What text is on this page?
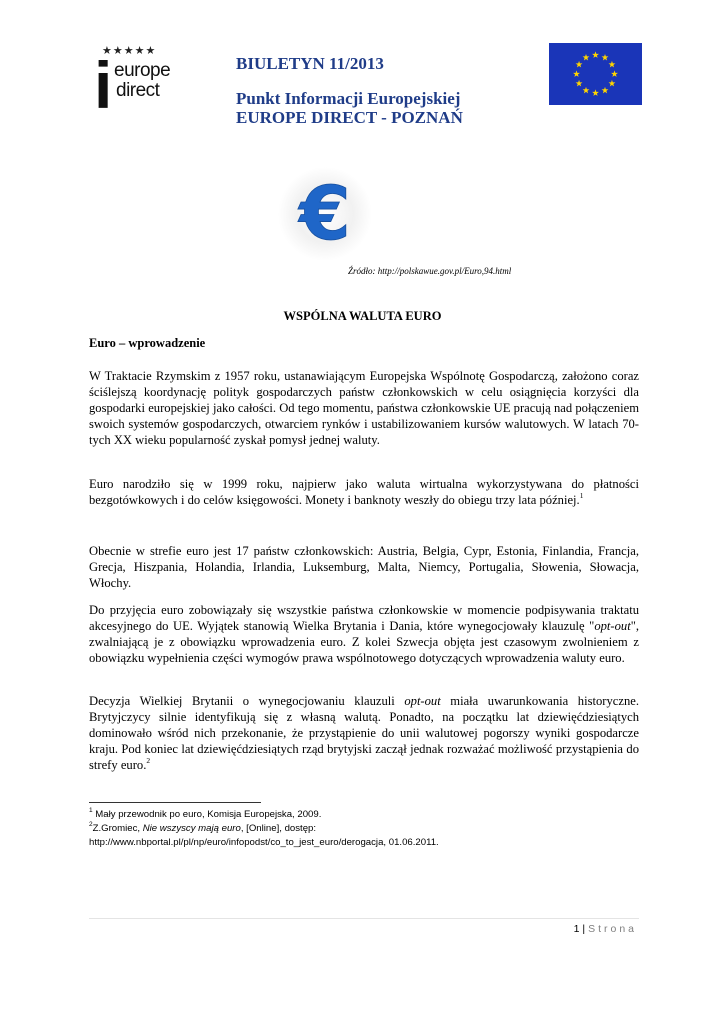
★★★★★
i europe
direct
BIULETYN 11/2013
Punkt Informacji Europejskiej
EUROPE DIRECT - POZNAŃ
€
Źródło: http://polskawue.gov.pl/Euro,94.html
WSPÓLNA WALUTA EURO
Euro – wprowadzenie
W Traktacie Rzymskim z 1957 roku, ustanawiającym Europejska Wspólnotę Gospodarczą, założono coraz ściślejszą koordynację polityk gospodarczych państw członkowskich w celu osiągnięcia korzyści dla gospodarki europejskiej jako całości. Od tego momentu, państwa członkowskie UE pracują nad połączeniem swoich systemów gospodarczych, otwarciem rynków i ustabilizowaniem kursów walutowych. W latach 70-tych XX wieku popularność zyskał pomysł jednej waluty.
Euro narodziło się w 1999 roku, najpierw jako waluta wirtualna wykorzystywana do płatności bezgotówkowych i do celów księgowości. Monety i banknoty weszły do obiegu trzy lata później.$^1$
Obecnie w strefie euro jest 17 państw członkowskich: Austria, Belgia, Cypr, Estonia, Finlandia, Francja, Grecja, Hiszpania, Holandia, Irlandia, Luksemburg, Malta, Niemcy, Portugalia, Słowenia, Słowacja, Włochy.
Do przyjęcia euro zobowiązały się wszystkie państwa członkowskie w momencie podpisywania traktatu akcesyjnego do UE. Wyjątek stanowią Wielka Brytania i Dania, które wynegocjowały klauzulę "opt-out", zwalniającą je z obowiązku wprowadzenia euro. Z kolei Szwecja objęta jest czasowym zwolnieniem z obowiązku wypełnienia części wymogów prawa wspólnotowego dotyczących wprowadzenia waluty euro.
Decyzja Wielkiej Brytanii o wynegocjowaniu klauzuli opt-out miała uwarunkowania historyczne. Brytyjczycy silnie identyfikują się z własną walutą. Ponadto, na początku lat dziewięćdziesiątych dominowało wśród nich przekonanie, że przystąpienie do unii walutowej pogorszy wyniki gospodarcze kraju. Pod koniec lat dziewięćdziesiątych rząd brytyjski zaczął jednak rozważać możliwość przystąpienia do strefy euro.$^2$
$^1$ Mały przewodnik po euro, Komisja Europejska, 2009.
$^2$Z.Gromiec, Nie wszyscy mają euro, [Online], dostęp:
http://www.nbportal.pl/pl/np/euro/infopodst/co_to_jest_euro/derogacja, 01.06.2011.
1 | Strona
